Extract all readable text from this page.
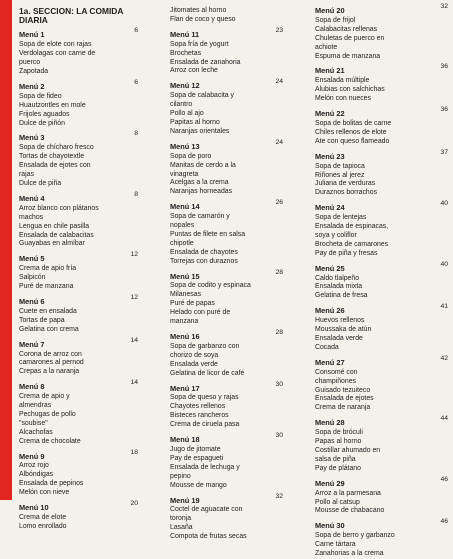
1a. SECCION: LA COMIDA DIARIA
Menú 1	6
Sopa de elote con rajas
Verdolagas con carne de
puerco
Zapotada
Menú 2	6
Sopa de fideo
Huautzontles en mole
Frijoles aguados
Dulce de piñón
Menú 3	8
Sopa de chícharo fresco
Tortas de chayotextle
Ensalada de ejotes con
rajas
Dulce de piña
Menú 4	8
Arroz blanco con plátanos
machos
Lengua en chile pasilla
Ensalada de calabacitas
Guayabas en almíbar
Menú 5	12
Crema de apio fría
Salpicón
Puré de manzana
Menú 6	12
Cuete en ensalada
Tortas de papa
Gelatina con crema
Menú 7	14
Corona de arroz con
camarones al pernod
Crepas a la naranja
Menú 8	14
Crema de apio y
almendras
Pechugas de pollo
"soubise"
Alcachofas
Crema de chocolate
Menú 9	18
Arroz rojo
Albóndigas
Ensalada de pepinos
Melón con nieve
Menú 10	20
Crema de elote
Lomo enrollado
Jitomates al horno
Flan de coco y queso
Menú 11	23
Sopa fría de yogurt
Brochetas
Ensalada de zanahoria
Arroz con leche
Menú 12	24
Sopa de calabacita y
cilantro
Pollo al ajo
Papitas al horno
Naranjas orientales
Menú 13	24
Sopa de poro
Manitas de cerdo a la
vinagreta
Acelgas a la crema
Naranjas horneadas
Menú 14	26
Sopa de camarón y
nopales
Puntas de filete en salsa
chipotle
Ensalada de chayotes
Torrejas con duraznos
Menú 15	28
Sopa de codito y espinaca
Milanesas
Puré de papas
Helado con puré de
manzana
Menú 16	28
Sopa de garbanzo con
chorizo de soya
Ensalada verde
Gelatina de licor de café
Menú 17	30
Sopa de queso y rajas
Chayotes rellenos
Bisteces rancheros
Crema de ciruela pasa
Menú 18	30
Jugo de jitomate
Pay de espagueti
Ensalada de lechuga y
pepino
Mousse de mango
Menú 19	32
Coctel de aguacate con
toronja
Lasaña
Compota de frutas secas
Menú 20	32
Sopa de frijol
Calabacitas rellenas
Chuletas de puerco en
achiote
Espuma de manzana
Menú 21	36
Ensalada múltiple
Alubias con salchichas
Melón con nueces
Menú 22	36
Sopa de bolitas de carne
Chiles rellenos de elote
Ate con queso flameado
Menú 23	37
Sopa de tapioca
Riñones al jerez
Juliana de verduras
Duraznos borrachos
Menú 24	40
Sopa de lentejas
Ensalada de espinacas,
soya y coliflor
Brocheta de camarones
Pay de piña y fresas
Menú 25	40
Caldo tlalpeño
Ensalada mixta
Gelatina de fresa
Menú 26	41
Huevos rellenos
Moussaka de atún
Ensalada verde
Cocada
Menú 27	42
Consomé con
champiñones
Guisado tezuiteco
Ensalada de ejotes
Crema de naranja
Menú 28	44
Sopa de bróculi
Papas al horno
Costillar ahumado en
salsa de piña
Pay de plátano
Menú 29	46
Arroz a la parmesana
Pollo al catsup
Mousse de chabacano
Menú 30	46
Sopa de berro y garbanzo
Carne tártara
Zanahorias a la crema
